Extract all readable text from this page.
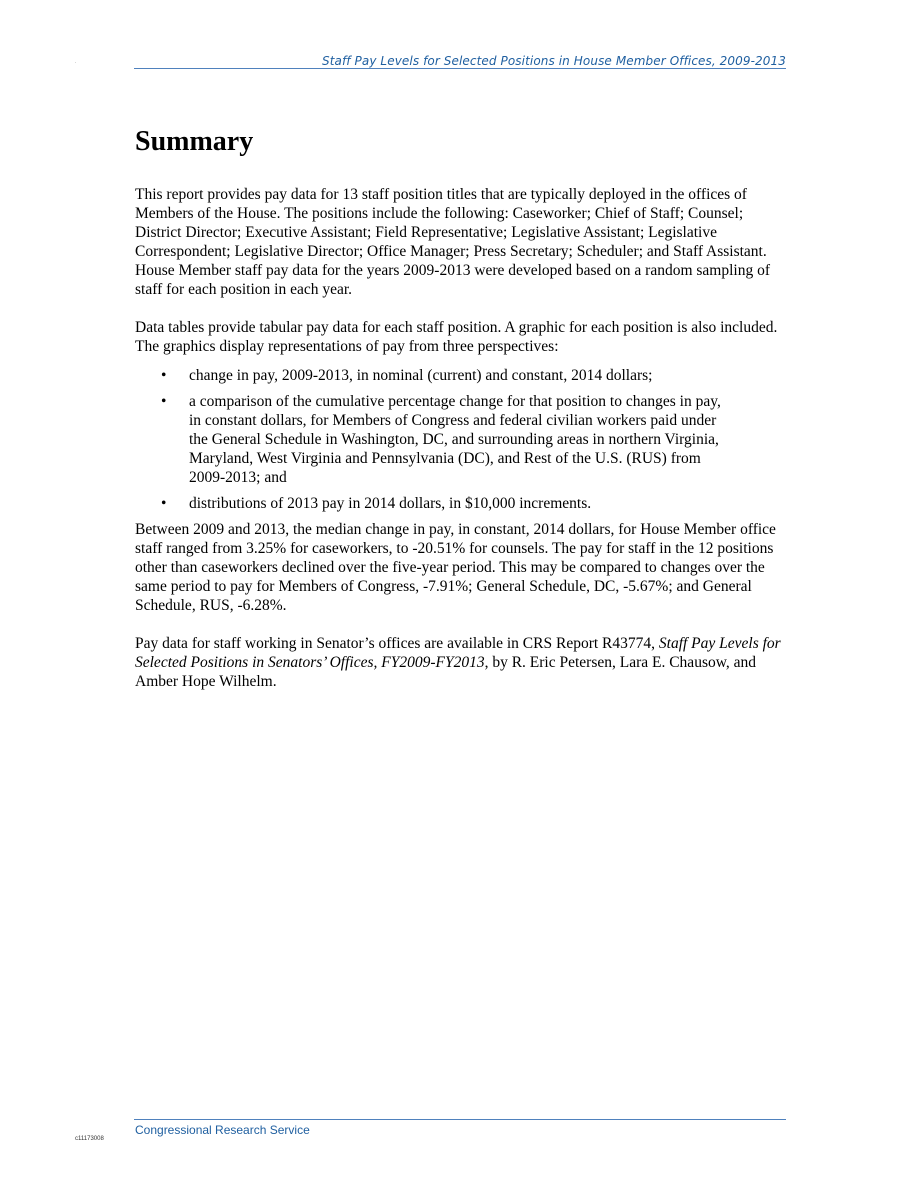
.	Staff Pay Levels for Selected Positions in House Member Offices, 2009-2013
Summary

This report provides pay data for 13 staff position titles that are typically deployed in the offices of Members of the House. The positions include the following: Caseworker; Chief of Staff; Counsel; District Director; Executive Assistant; Field Representative; Legislative Assistant; Legislative Correspondent; Legislative Director; Office Manager; Press Secretary; Scheduler; and Staff Assistant. House Member staff pay data for the years 2009-2013 were developed based on a random sampling of staff for each position in each year.

Data tables provide tabular pay data for each staff position. A graphic for each position is also included. The graphics display representations of pay from three perspectives:

• change in pay, 2009-2013, in nominal (current) and constant, 2014 dollars;
• a comparison of the cumulative percentage change for that position to changes in pay, in constant dollars, for Members of Congress and federal civilian workers paid under the General Schedule in Washington, DC, and surrounding areas in northern Virginia, Maryland, West Virginia and Pennsylvania (DC), and Rest of the U.S. (RUS) from 2009-2013; and
• distributions of 2013 pay in 2014 dollars, in $10,000 increments.

Between 2009 and 2013, the median change in pay, in constant, 2014 dollars, for House Member office staff ranged from 3.25% for caseworkers, to -20.51% for counsels. The pay for staff in the 12 positions other than caseworkers declined over the five-year period. This may be compared to changes over the same period to pay for Members of Congress, -7.91%; General Schedule, DC, -5.67%; and General Schedule, RUS, -6.28%.

Pay data for staff working in Senator’s offices are available in CRS Report R43774, Staff Pay Levels for Selected Positions in Senators’ Offices, FY2009-FY2013, by R. Eric Petersen, Lara E. Chausow, and Amber Hope Wilhelm.

Congressional Research Service
c11173008
